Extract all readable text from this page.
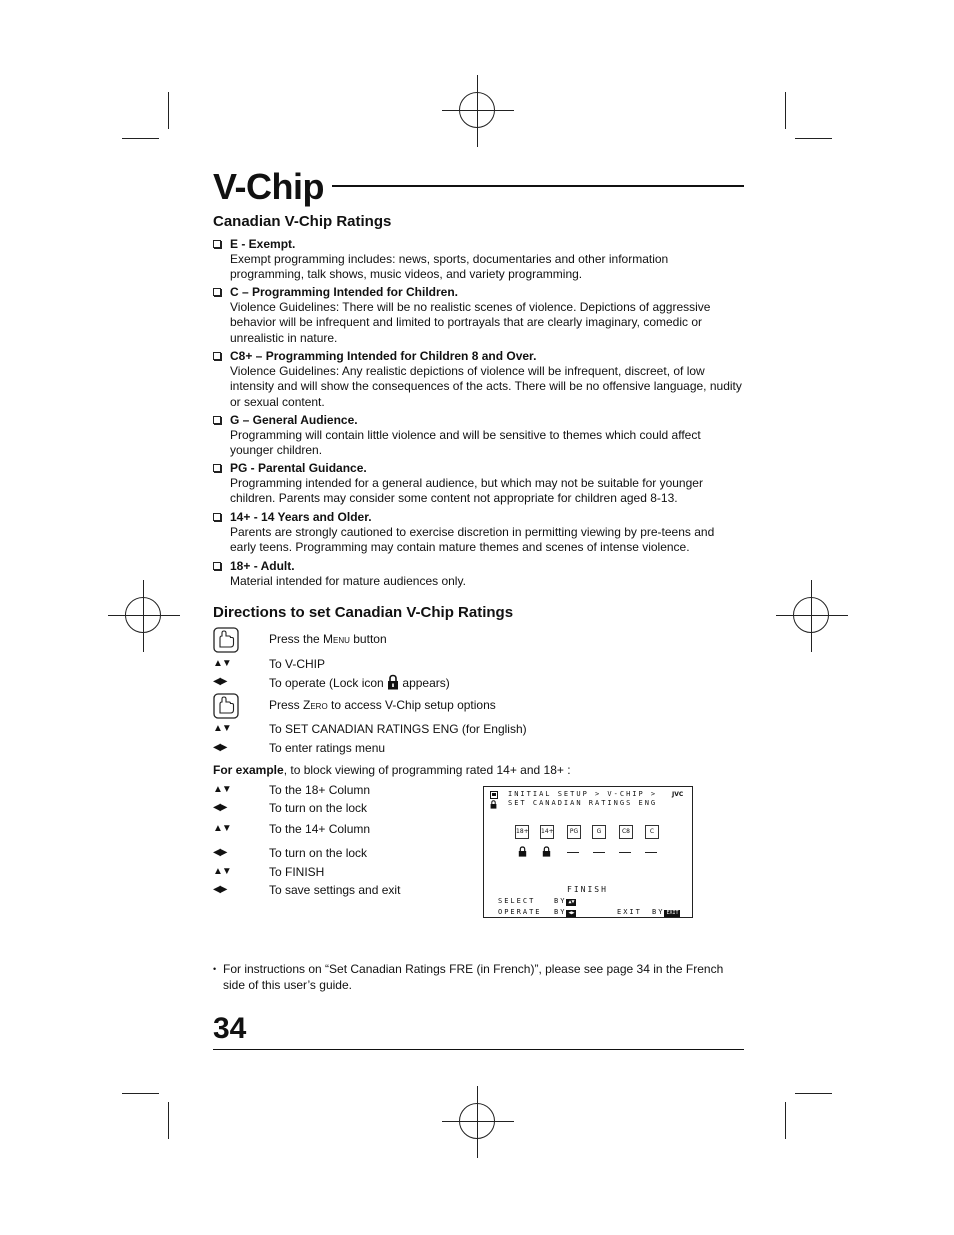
V-Chip
Canadian V-Chip Ratings
E - Exempt.
Exempt programming includes: news, sports, documentaries and other information programming, talk shows, music videos, and variety programming.
C – Programming Intended for Children.
Violence Guidelines: There will be no realistic scenes of violence. Depictions of aggressive behavior will be infrequent and limited to portrayals that are clearly imaginary, comedic or unrealistic in nature.
C8+ – Programming Intended for Children 8 and Over.
Violence Guidelines: Any realistic depictions of violence will be infrequent, discreet, of low intensity and will show the consequences of the acts. There will be no offensive language, nudity or sexual content.
G – General Audience.
Programming will contain little violence and will be sensitive to themes which could affect younger children.
PG - Parental Guidance.
Programming intended for a general audience, but which may not be suitable for younger children. Parents may consider some content not appropriate for children aged 8-13.
14+ - 14 Years and Older.
Parents are strongly cautioned to exercise discretion in permitting viewing by pre-teens and early teens. Programming may contain mature themes and scenes of intense violence.
18+ - Adult.
Material intended for mature audiences only.
Directions to set Canadian V-Chip Ratings
Press the Menu button
▲▼	To V-CHIP
◀▶	To operate (Lock icon  appears)
Press Zero to access V-Chip setup options
▲▼	To SET CANADIAN RATINGS ENG (for English)
◀▶	To enter ratings menu
For example, to block viewing of programming rated 14+ and 18+ :
▲▼	To the 18+ Column
◀▶	To turn on the lock
▲▼	To the 14+ Column
◀▶	To turn on the lock
▲▼	To FINISH
◀▶	To save settings and exit
INITIAL SETUP > V-CHIP >
SET CANADIAN RATINGS ENG
JVC
18+ 14+	PG	G	C8	C
FINISH
SELECT	BY ▲▼
OPERATE BY ◀▶	EXIT BY EXIT
• For instructions on “Set Canadian Ratings FRE (in French)”, please see page 34 in the French side of this user’s guide.
34
